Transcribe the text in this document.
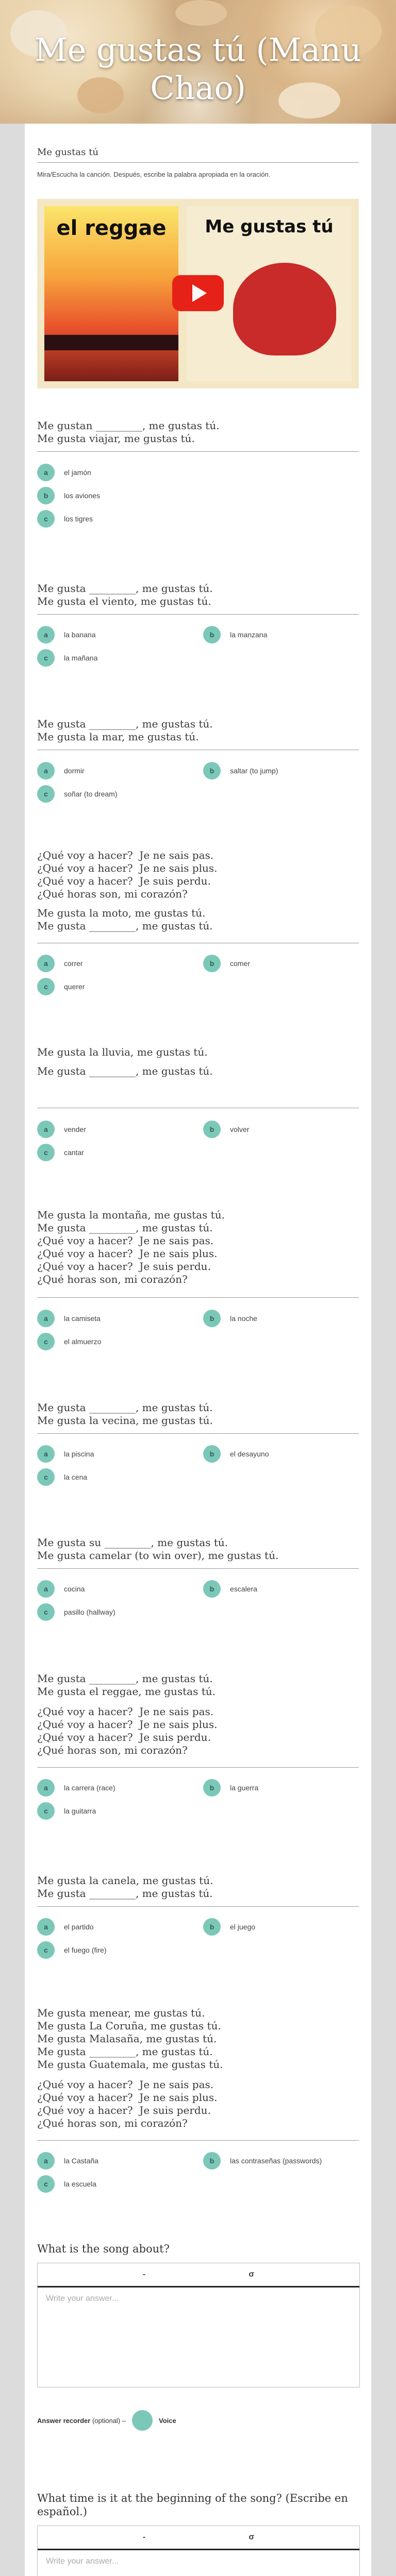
Me gustas tú (Manu Chao)
Me gustas tú
Mira/Escucha la canción. Después, escribe la palabra apropiada en la oración.
el reggae	Me gustas tú
Me gustan _________, me gustas tú.
Me gusta viajar, me gustas tú.
a	el jamón
b	los aviones
c	los tigres
Me gusta _________, me gustas tú.
Me gusta el viento, me gustas tú.
a	la banana	b	la manzana
c	la mañana
Me gusta _________, me gustas tú.
Me gusta la mar, me gustas tú.
a	dormir	b	saltar (to jump)
c	soñar (to dream)
¿Qué voy a hacer?  Je ne sais pas.
¿Qué voy a hacer?  Je ne sais plus.
¿Qué voy a hacer?  Je suis perdu.
¿Qué horas son, mi corazón?
Me gusta la moto, me gustas tú.
Me gusta _________, me gustas tú.
a	correr	b	comer
c	querer
Me gusta la lluvia, me gustas tú.
Me gusta _________, me gustas tú.
a	vender	b	volver
c	cantar
Me gusta la montaña, me gustas tú.
Me gusta _________, me gustas tú.
¿Qué voy a hacer?  Je ne sais pas.
¿Qué voy a hacer?  Je ne sais plus.
¿Qué voy a hacer?  Je suis perdu.
¿Qué horas son, mi corazón?
a	la camiseta	b	la noche
c	el almuerzo
Me gusta _________, me gustas tú.
Me gusta la vecina, me gustas tú.
a	la piscina	b	el desayuno
c	la cena
Me gusta su _________, me gustas tú.
Me gusta camelar (to win over), me gustas tú.
a	cocina	b	escalera
c	pasillo (hallway)
Me gusta _________, me gustas tú.
Me gusta el reggae, me gustas tú.
¿Qué voy a hacer?  Je ne sais pas.
¿Qué voy a hacer?  Je ne sais plus.
¿Qué voy a hacer?  Je suis perdu.
¿Qué horas son, mi corazón?
a	la carrera (race)	b	la guerra
c	la guitarra
Me gusta la canela, me gustas tú.
Me gusta _________, me gustas tú.
a	el partido	b	el juego
c	el fuego (fire)
Me gusta menear, me gustas tú.
Me gusta La Coruña, me gustas tú.
Me gusta Malasaña, me gustas tú.
Me gusta _________, me gustas tú.
Me gusta Guatemala, me gustas tú.
¿Qué voy a hacer?  Je ne sais pas.
¿Qué voy a hacer?  Je ne sais plus.
¿Qué voy a hacer?  Je suis perdu.
¿Qué horas son, mi corazón?
a	la Castaña	b	las contraseñas (passwords)
c	la escuela
What is the song about?
-	σ
Write your answer...
Answer recorder
(optional)
–	Voice
What time is it at the beginning of the song? (Escribe en
español.)
-	σ
Write your answer...
